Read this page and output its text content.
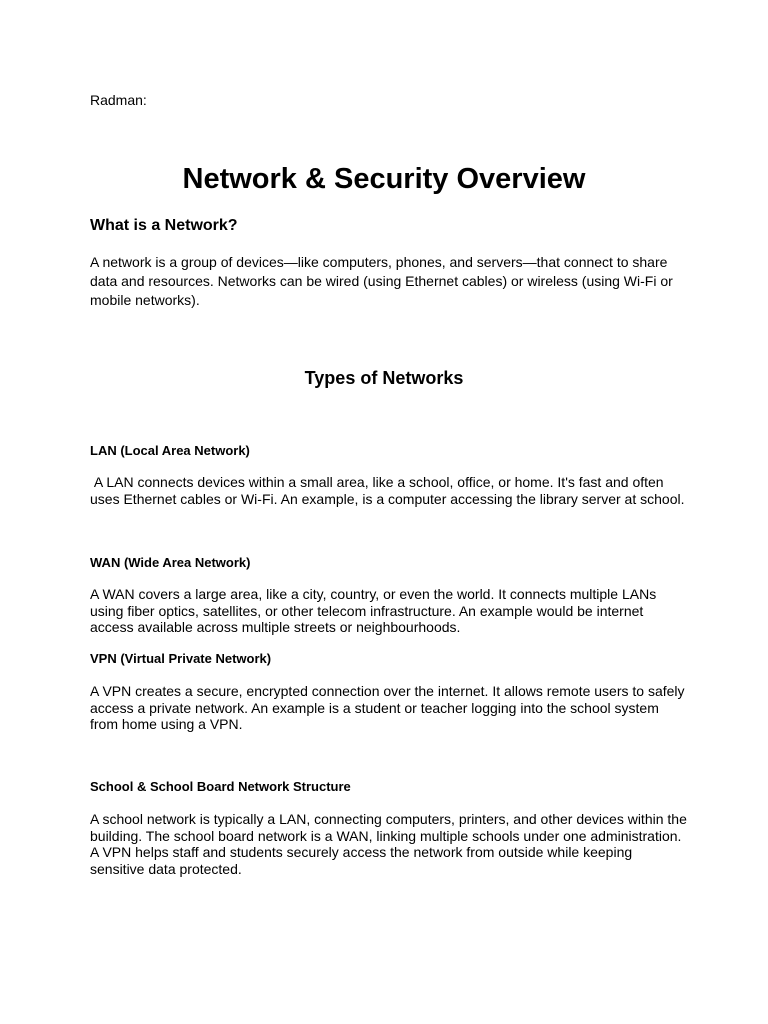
Radman:

Network & Security Overview
What is a Network?

A network is a group of devices—like computers, phones, and servers—that connect to share data and resources. Networks can be wired (using Ethernet cables) or wireless (using Wi-Fi or mobile networks).

Types of Networks
LAN (Local Area Network)

A LAN connects devices within a small area, like a school, office, or home. It's fast and often uses Ethernet cables or Wi-Fi. An example, is a computer accessing the library server at school.

WAN (Wide Area Network)

A WAN covers a large area, like a city, country, or even the world. It connects multiple LANs using fiber optics, satellites, or other telecom infrastructure. An example would be internet access available across multiple streets or neighbourhoods.

VPN (Virtual Private Network)

A VPN creates a secure, encrypted connection over the internet. It allows remote users to safely access a private network. An example is a student or teacher logging into the school system from home using a VPN.

School & School Board Network Structure

A school network is typically a LAN, connecting computers, printers, and other devices within the building. The school board network is a WAN, linking multiple schools under one administration. A VPN helps staff and students securely access the network from outside while keeping sensitive data protected.
